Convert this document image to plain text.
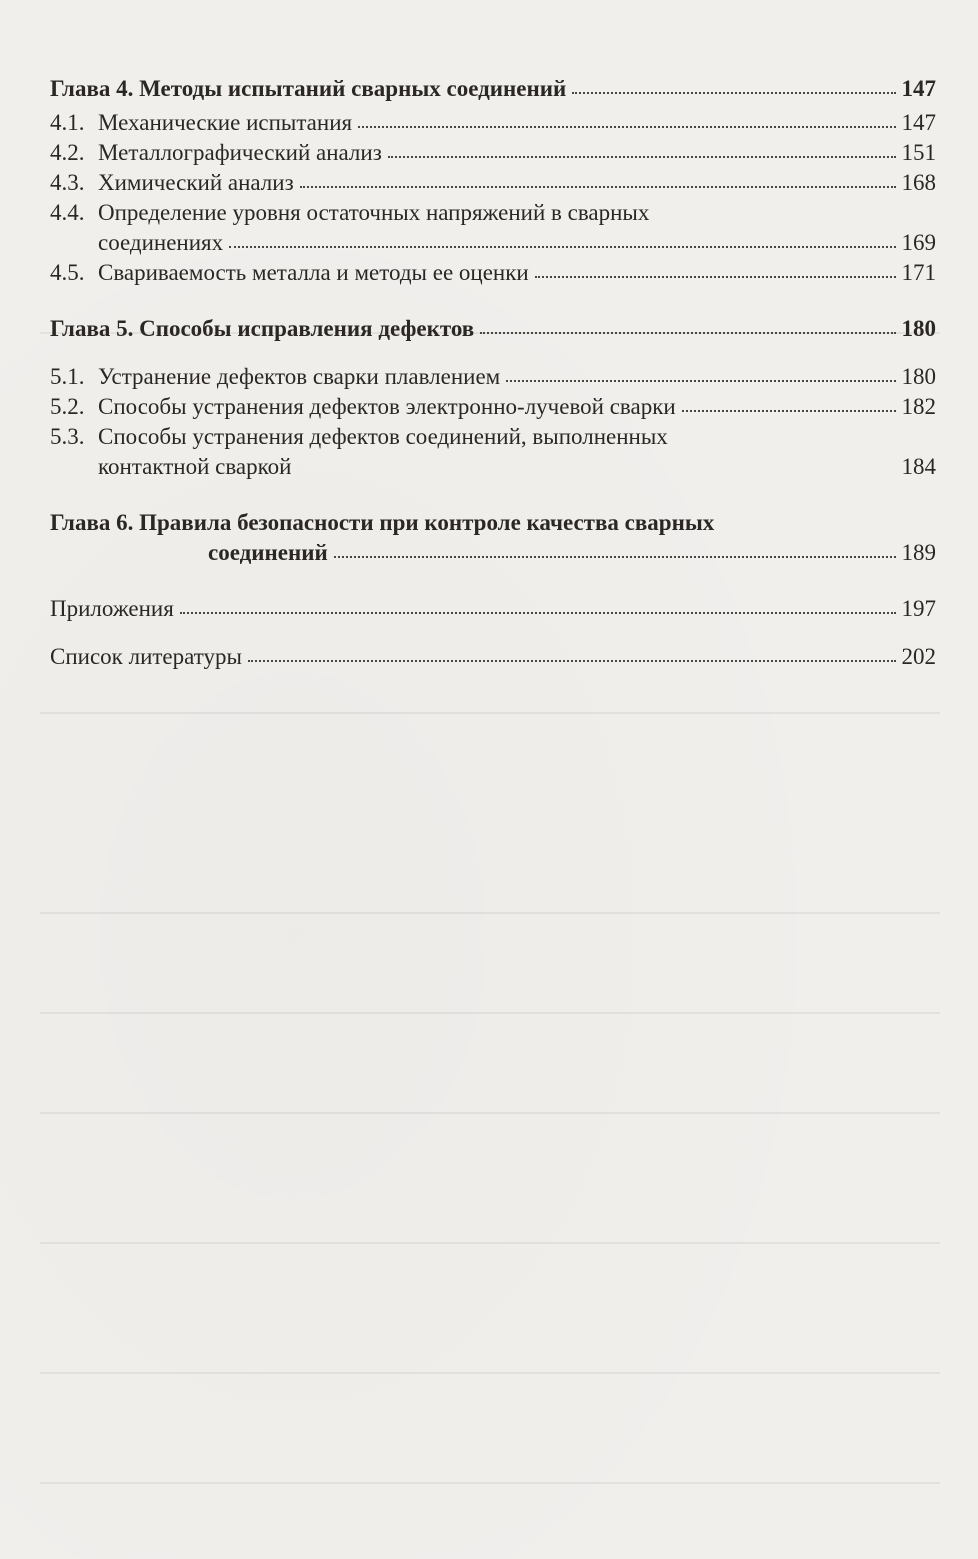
Глава 4. Методы испытаний сварных соединений	147
4.1. Механические испытания	147
4.2. Металлографический анализ	151
4.3. Химический анализ	168
4.4. Определение уровня остаточных напряжений в сварных
соединениях	169
4.5. Свариваемость металла и методы ее оценки	171
Глава 5. Способы исправления дефектов	180
5.1. Устранение дефектов сварки плавлением	180
5.2. Способы устранения дефектов электронно-лучевой сварки	182
5.3. Способы устранения дефектов соединений, выполненных
контактной сваркой	184
Глава 6. Правила безопасности при контроле качества сварных
соединений	189
Приложения	197
Список литературы	202
